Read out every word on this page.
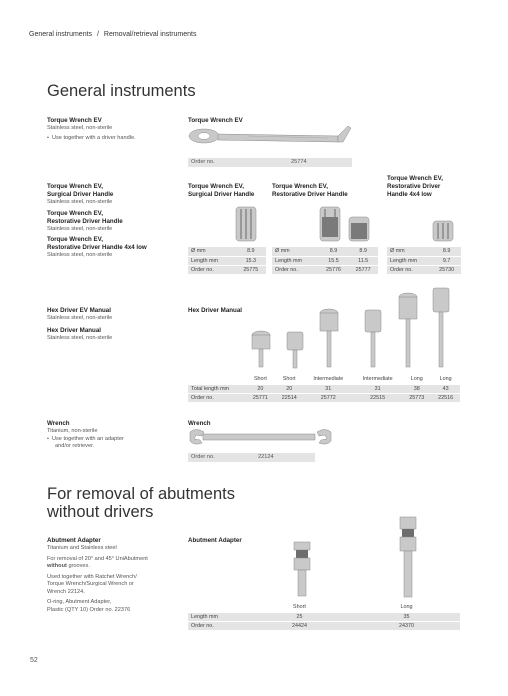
General instruments / Removal/retrieval instruments
General instruments
Torque Wrench EV
Stainless steel, non-sterile
• Use together with a driver handle.
Torque Wrench EV
Order no.	25774
Torque Wrench EV,
Surgical Driver Handle
Stainless steel, non-sterile
Torque Wrench EV,
Restorative Driver Handle
Stainless steel, non-sterile
Torque Wrench EV,
Restorative Driver Handle 4x4 low
Stainless steel, non-sterile
Torque Wrench EV,
Surgical Driver Handle
Torque Wrench EV,
Restorative Driver Handle
Torque Wrench EV,
Restorative Driver
Handle 4x4 low
Ø mm	8.9
Length mm	15.3
Order no.	25775
Ø mm	8.9	8.9
Length mm	15.5	11.5
Order no.	25776	25777
Ø mm	8.9
Length mm	9.7
Order no.	25730
Hex Driver EV Manual
Stainless steel, non-sterile
Hex Driver Manual
Stainless steel, non-sterile
Hex Driver Manual
	Short	Short	Intermediate	Intermediate	Long	Long
Total length mm	20	20	31	31	38	43
Order no.	25771	22514	25772	22515	25773	22516
Wrench
Titanium, non-sterile
• Use together with an adapter
and/or retriever.
Wrench
Order no.	22124
For removal of abutments
without drivers
Abutment Adapter
Titanium and Stainless steel
For removal of 20° and 45° UniAbutment
without grooves.
Used together with Ratchet Wrench/
Torque Wrench/Surgical Wrench or
Wrench 22124.
O-ring, Abutment Adapter,
Plastic (QTY 10) Order no. 22376
Abutment Adapter
	Short	Long
Length mm	25	35
Order no.	24424	24370
52
